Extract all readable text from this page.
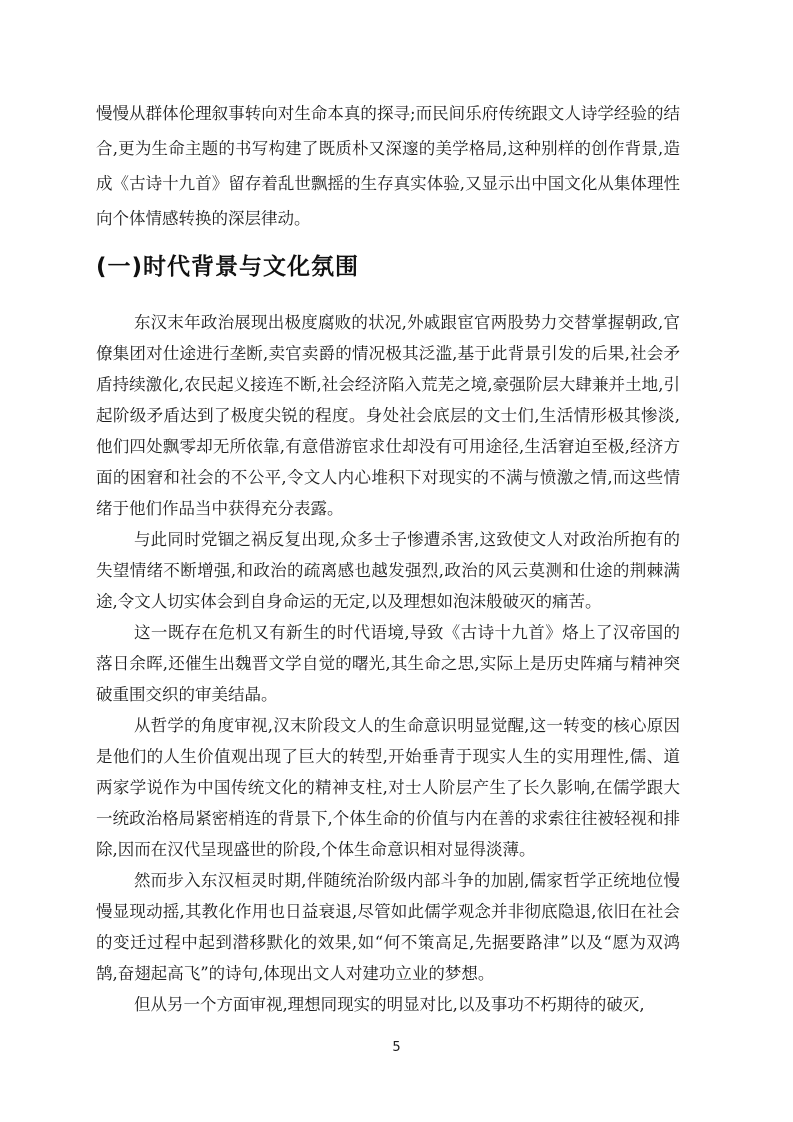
慢慢从群体伦理叙事转向对生命本真的探寻;而民间乐府传统跟文人诗学经验的结合,更为生命主题的书写构建了既质朴又深邃的美学格局,这种别样的创作背景,造成《古诗十九首》留存着乱世飘摇的生存真实体验,又显示出中国文化从集体理性向个体情感转换的深层律动。

(一)时代背景与文化氛围

东汉末年政治展现出极度腐败的状况,外戚跟宦官两股势力交替掌握朝政,官僚集团对仕途进行垄断,卖官卖爵的情况极其泛滥,基于此背景引发的后果,社会矛盾持续激化,农民起义接连不断,社会经济陷入荒芜之境,豪强阶层大肆兼并土地,引起阶级矛盾达到了极度尖锐的程度。身处社会底层的文士们,生活情形极其惨淡,他们四处飘零却无所依靠,有意借游宦求仕却没有可用途径,生活窘迫至极,经济方面的困窘和社会的不公平,令文人内心堆积下对现实的不满与愤激之情,而这些情绪于他们作品当中获得充分表露。

与此同时党锢之祸反复出现,众多士子惨遭杀害,这致使文人对政治所抱有的失望情绪不断增强,和政治的疏离感也越发强烈,政治的风云莫测和仕途的荆棘满途,令文人切实体会到自身命运的无定,以及理想如泡沫般破灭的痛苦。

这一既存在危机又有新生的时代语境,导致《古诗十九首》烙上了汉帝国的落日余晖,还催生出魏晋文学自觉的曙光,其生命之思,实际上是历史阵痛与精神突破重围交织的审美结晶。

从哲学的角度审视,汉末阶段文人的生命意识明显觉醒,这一转变的核心原因是他们的人生价值观出现了巨大的转型,开始垂青于现实人生的实用理性,儒、道两家学说作为中国传统文化的精神支柱,对士人阶层产生了长久影响,在儒学跟大一统政治格局紧密梢连的背景下,个体生命的价值与内在善的求索往往被轻视和排除,因而在汉代呈现盛世的阶段,个体生命意识相对显得淡薄。

然而步入东汉桓灵时期,伴随统治阶级内部斗争的加剧,儒家哲学正统地位慢慢显现动摇,其教化作用也日益衰退,尽管如此儒学观念并非彻底隐退,依旧在社会的变迁过程中起到潜移默化的效果,如“何不策高足,先据要路津”以及“愿为双鸿鹄,奋翅起高飞”的诗句,体现出文人对建功立业的梦想。

但从另一个方面审视,理想同现实的明显对比,以及事功不朽期待的破灭,

5
